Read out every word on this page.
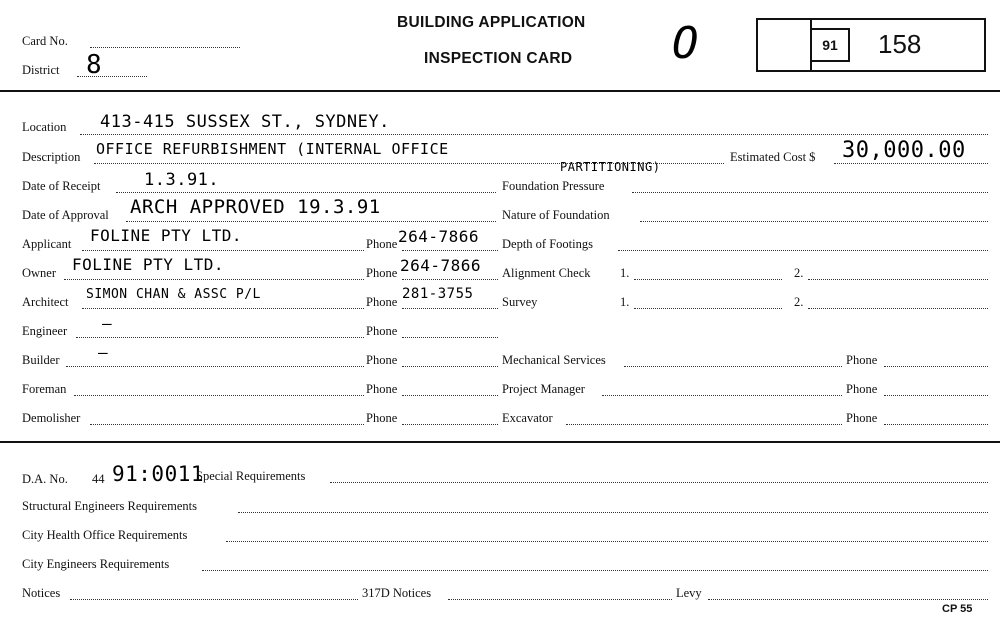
Card No.
District 8
BUILDING APPLICATION
INSPECTION CARD O	91	158
Location 413-415 SUSSEX ST., SYDNEY.
Description OFFICE REFURBISHMENT (INTERNAL OFFICE
PARTITIONING)
Estimated Cost $ 30,000.00
Date of Receipt	1.3.91.
Date of Approval ARCH APPROVED 19.3.91
Applicant FOLINE PTY LTD.	Phone 264-7866
Owner FOLINE PTY LTD.	Phone 264-7866
Architect SIMON CHAN & ASSC P/L	Phone 281-3755
Engineer —	Phone
Builder —	Phone
Foreman	Phone
Demolisher	Phone
Foundation Pressure
Nature of Foundation
Depth of Footings
Alignment Check 1.	2.
Survey	1.	2.
Mechanical Services	Phone
Project Manager	Phone
Excavator	Phone
D.A. No. 44 91:0011
Special Requirements
Structural Engineers Requirements
City Health Office Requirements
City Engineers Requirements
Notices	317D Notices	Levy
CP 55
